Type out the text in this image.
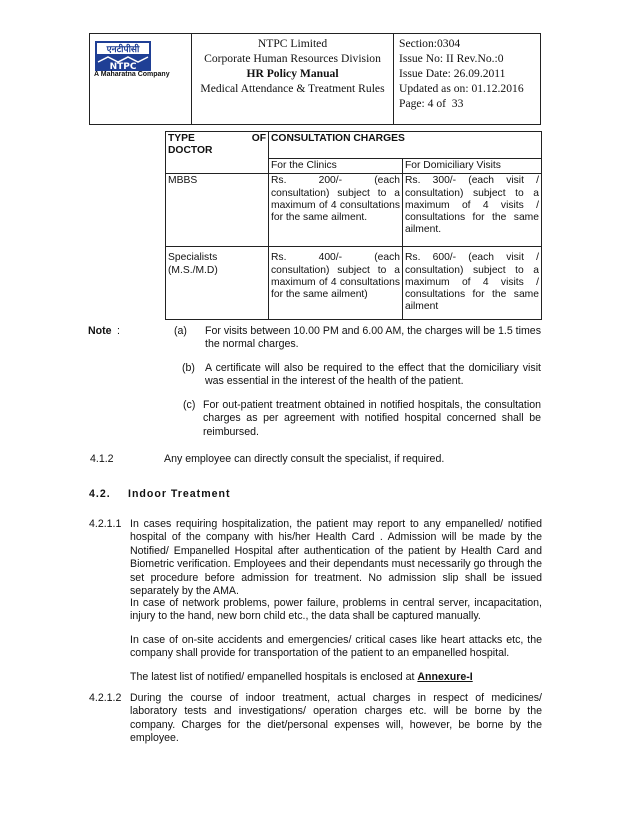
एनटीपीसी
NTPC
A Maharatna Company

NTPC Limited
Corporate Human Resources Division
HR Policy Manual
Medical Attendance & Treatment Rules

Section:0304
Issue No: II Rev.No.:0
Issue Date: 26.09.2011
Updated as on: 01.12.2016
Page: 4 of  33
TYPE OF
DOCTOR	CONSULTATION CHARGES	
	For the Clinics	For Domiciliary Visits
MBBS	Rs. 200/- (each consultation) subject to a maximum of 4 consultations for the same ailment.	Rs. 300/- (each visit / consultation) subject to a maximum of 4 visits / consultations for the same ailment.
Specialists (M.S./M.D)	Rs. 400/- (each consultation) subject to a maximum of 4 consultations for the same ailment)	Rs. 600/- (each visit / consultation) subject to a maximum of 4 visits / consultations for the same ailment
Note :	(a) For visits between 10.00 PM and 6.00 AM, the charges will be 1.5 times the normal charges.
(b) A certificate will also be required to the effect that the domiciliary visit was essential in the interest of the health of the patient.
(c) For out-patient treatment obtained in notified hospitals, the consultation charges as per agreement with notified hospital concerned shall be reimbursed.
4.1.2	Any employee can directly consult the specialist, if required.
4.2. Indoor Treatment
4.2.1.1 In cases requiring hospitalization, the patient may report to any empanelled/ notified hospital of the company with his/her Health Card . Admission will be made by the Notified/ Empanelled Hospital after authentication of the patient by Health Card and Biometric verification. Employees and their dependants must necessarily go through the set procedure before admission for treatment. No admission slip shall be issued separately by the AMA.
In case of network problems, power failure, problems in central server, incapacitation, injury to the hand, new born child etc., the data shall be captured manually.
In case of on-site accidents and emergencies/ critical cases like heart attacks etc, the company shall provide for transportation of the patient to an empanelled hospital.
The latest list of notified/ empanelled hospitals is enclosed at Annexure-I
4.2.1.2 During the course of indoor treatment, actual charges in respect of medicines/ laboratory tests and investigations/ operation charges etc. will be borne by the company. Charges for the diet/personal expenses will, however, be borne by the employee.
